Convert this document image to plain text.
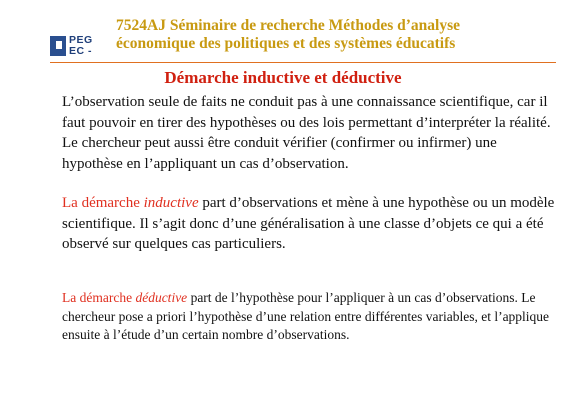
PEG
EC -
7524AJ Séminaire de recherche Méthodes d’analyse
économique des politiques et des systèmes éducatifs
Démarche inductive et déductive
L’observation seule de faits ne conduit pas à une connaissance scientifique, car il faut pouvoir en tirer des hypothèses ou des lois permettant d’interpréter la réalité. Le chercheur peut aussi être conduit vérifier (confirmer ou infirmer) une hypothèse en l’appliquant un cas d’observation.
La démarche inductive part d’observations et mène à une hypothèse ou un modèle scientifique. Il s’agit donc d’une généralisation à une classe d’objets ce qui a été observé sur quelques cas particuliers.
La démarche déductive part de l’hypothèse pour l’appliquer à un cas d’observations. Le chercheur pose a priori l’hypothèse d’une relation entre différentes variables, et l’applique ensuite à l’étude d’un certain nombre d’observations.
